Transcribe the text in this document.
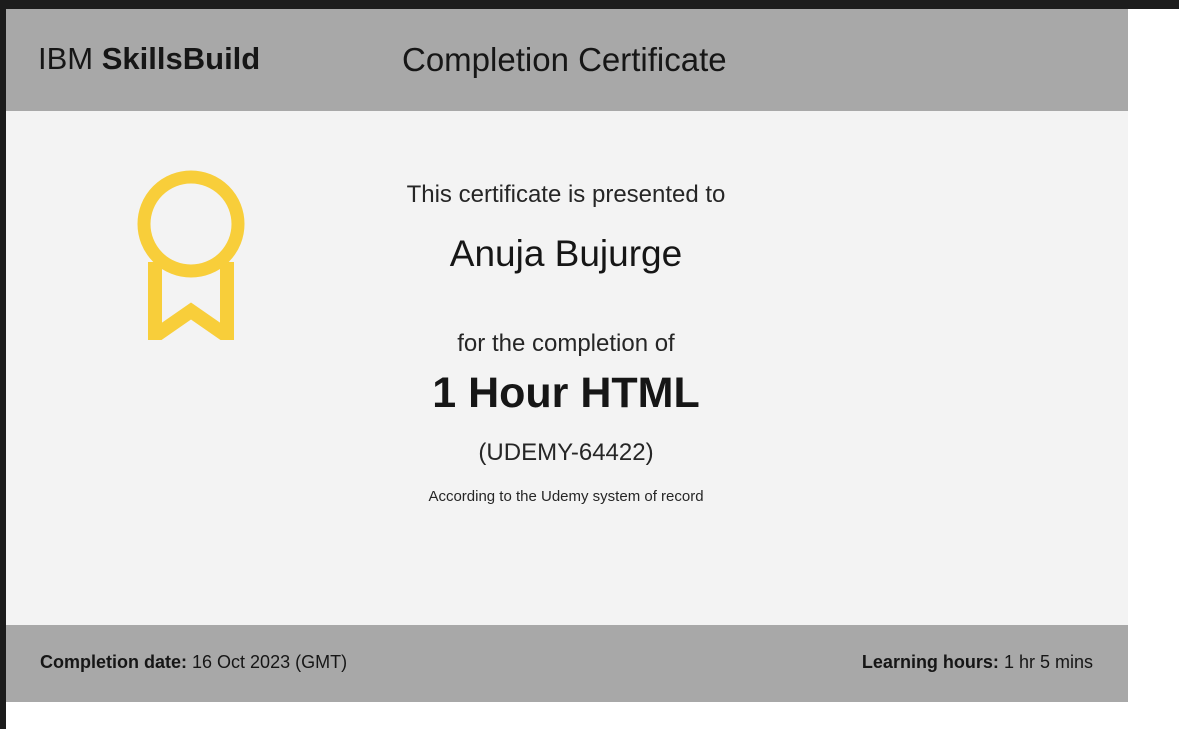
IBM SkillsBuild	Completion Certificate
This certificate is presented to
Anuja Bujurge
for the completion of
1 Hour HTML
(UDEMY-64422)
According to the Udemy system of record
Completion date: 16 Oct 2023 (GMT)	Learning hours: 1 hr 5 mins
